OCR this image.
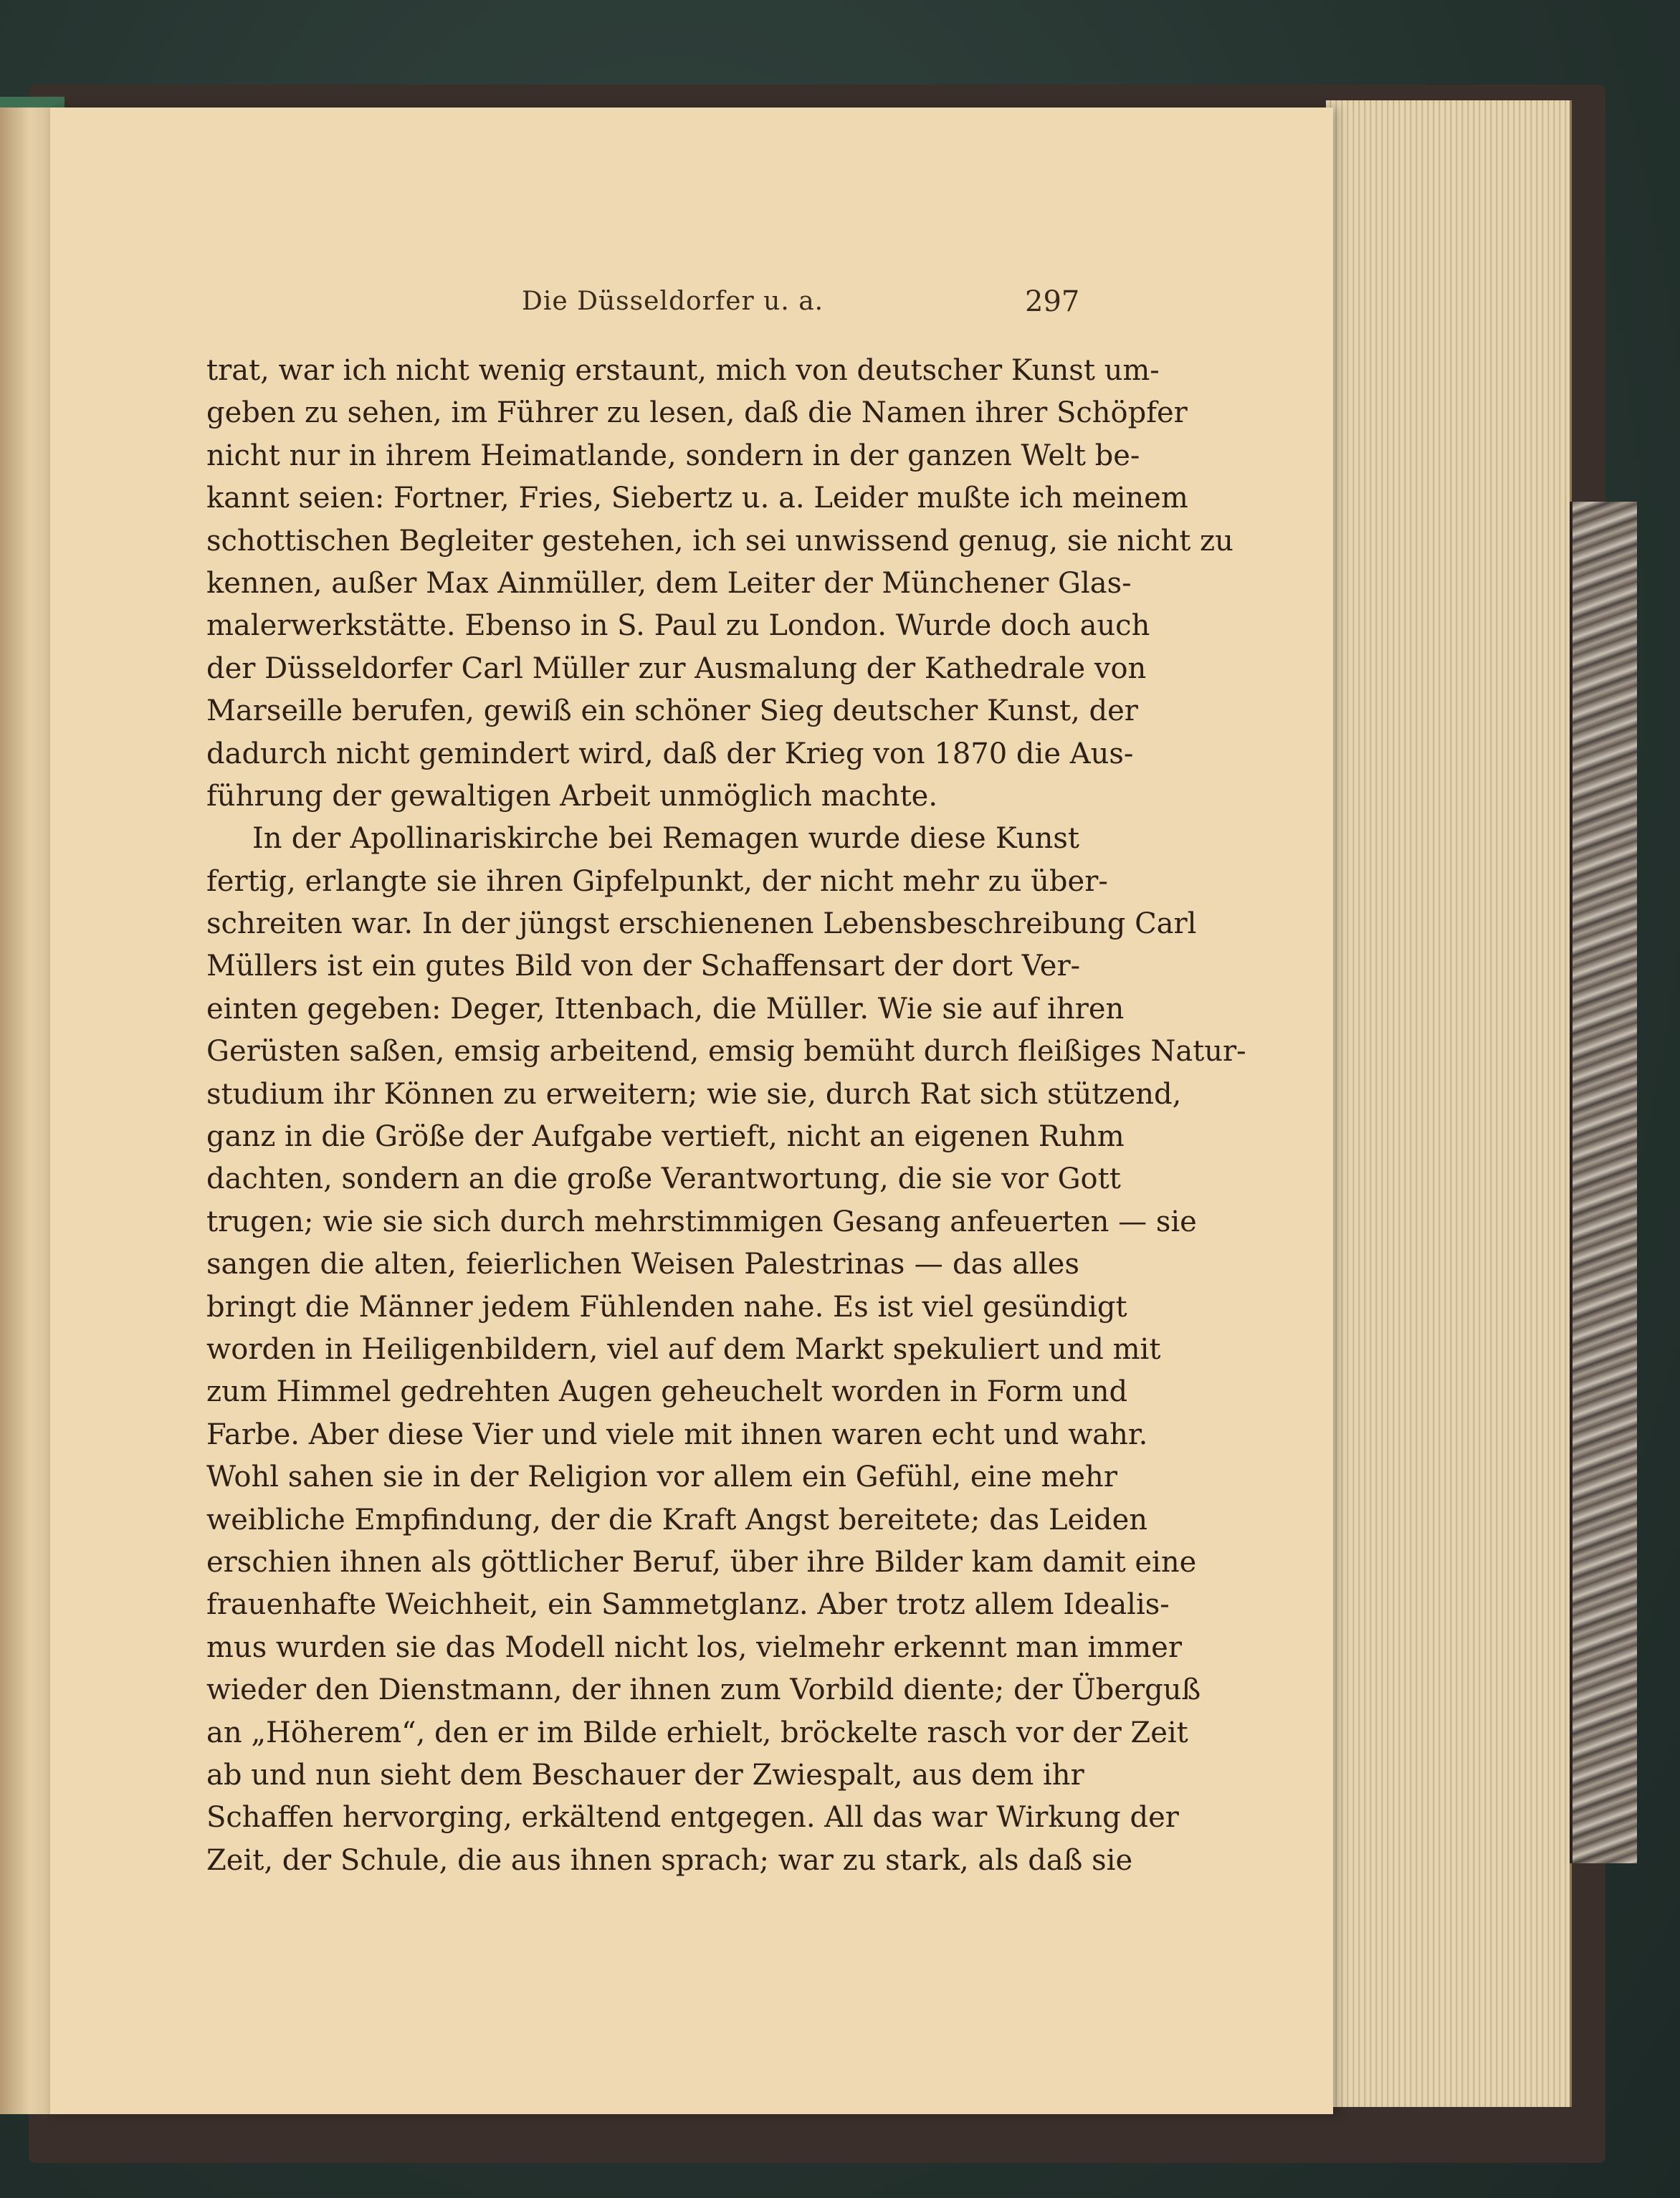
Die Düsseldorfer u. a.	297
trat, war ich nicht wenig erstaunt, mich von deutscher Kunst um-
geben zu sehen, im Führer zu lesen, daß die Namen ihrer Schöpfer
nicht nur in ihrem Heimatlande, sondern in der ganzen Welt be-
kannt seien: Fortner, Fries, Siebertz u. a. Leider mußte ich meinem
schottischen Begleiter gestehen, ich sei unwissend genug, sie nicht zu
kennen, außer Max Ainmüller, dem Leiter der Münchener Glas-
malerwerkstätte. Ebenso in S. Paul zu London. Wurde doch auch
der Düsseldorfer Carl Müller zur Ausmalung der Kathedrale von
Marseille berufen, gewiß ein schöner Sieg deutscher Kunst, der
dadurch nicht gemindert wird, daß der Krieg von 1870 die Aus-
führung der gewaltigen Arbeit unmöglich machte.
In der Apollinariskirche bei Remagen wurde diese Kunst
fertig, erlangte sie ihren Gipfelpunkt, der nicht mehr zu über-
schreiten war. In der jüngst erschienenen Lebensbeschreibung Carl
Müllers ist ein gutes Bild von der Schaffensart der dort Ver-
einten gegeben: Deger, Ittenbach, die Müller. Wie sie auf ihren
Gerüsten saßen, emsig arbeitend, emsig bemüht durch fleißiges Natur-
studium ihr Können zu erweitern; wie sie, durch Rat sich stützend,
ganz in die Größe der Aufgabe vertieft, nicht an eigenen Ruhm
dachten, sondern an die große Verantwortung, die sie vor Gott
trugen; wie sie sich durch mehrstimmigen Gesang anfeuerten — sie
sangen die alten, feierlichen Weisen Palestrinas — das alles
bringt die Männer jedem Fühlenden nahe. Es ist viel gesündigt
worden in Heiligenbildern, viel auf dem Markt spekuliert und mit
zum Himmel gedrehten Augen geheuchelt worden in Form und
Farbe. Aber diese Vier und viele mit ihnen waren echt und wahr.
Wohl sahen sie in der Religion vor allem ein Gefühl, eine mehr
weibliche Empfindung, der die Kraft Angst bereitete; das Leiden
erschien ihnen als göttlicher Beruf, über ihre Bilder kam damit eine
frauenhafte Weichheit, ein Sammetglanz. Aber trotz allem Idealis-
mus wurden sie das Modell nicht los, vielmehr erkennt man immer
wieder den Dienstmann, der ihnen zum Vorbild diente; der Überguß
an „Höherem“, den er im Bilde erhielt, bröckelte rasch vor der Zeit
ab und nun sieht dem Beschauer der Zwiespalt, aus dem ihr
Schaffen hervorging, erkältend entgegen. All das war Wirkung der
Zeit, der Schule, die aus ihnen sprach; war zu stark, als daß sie
